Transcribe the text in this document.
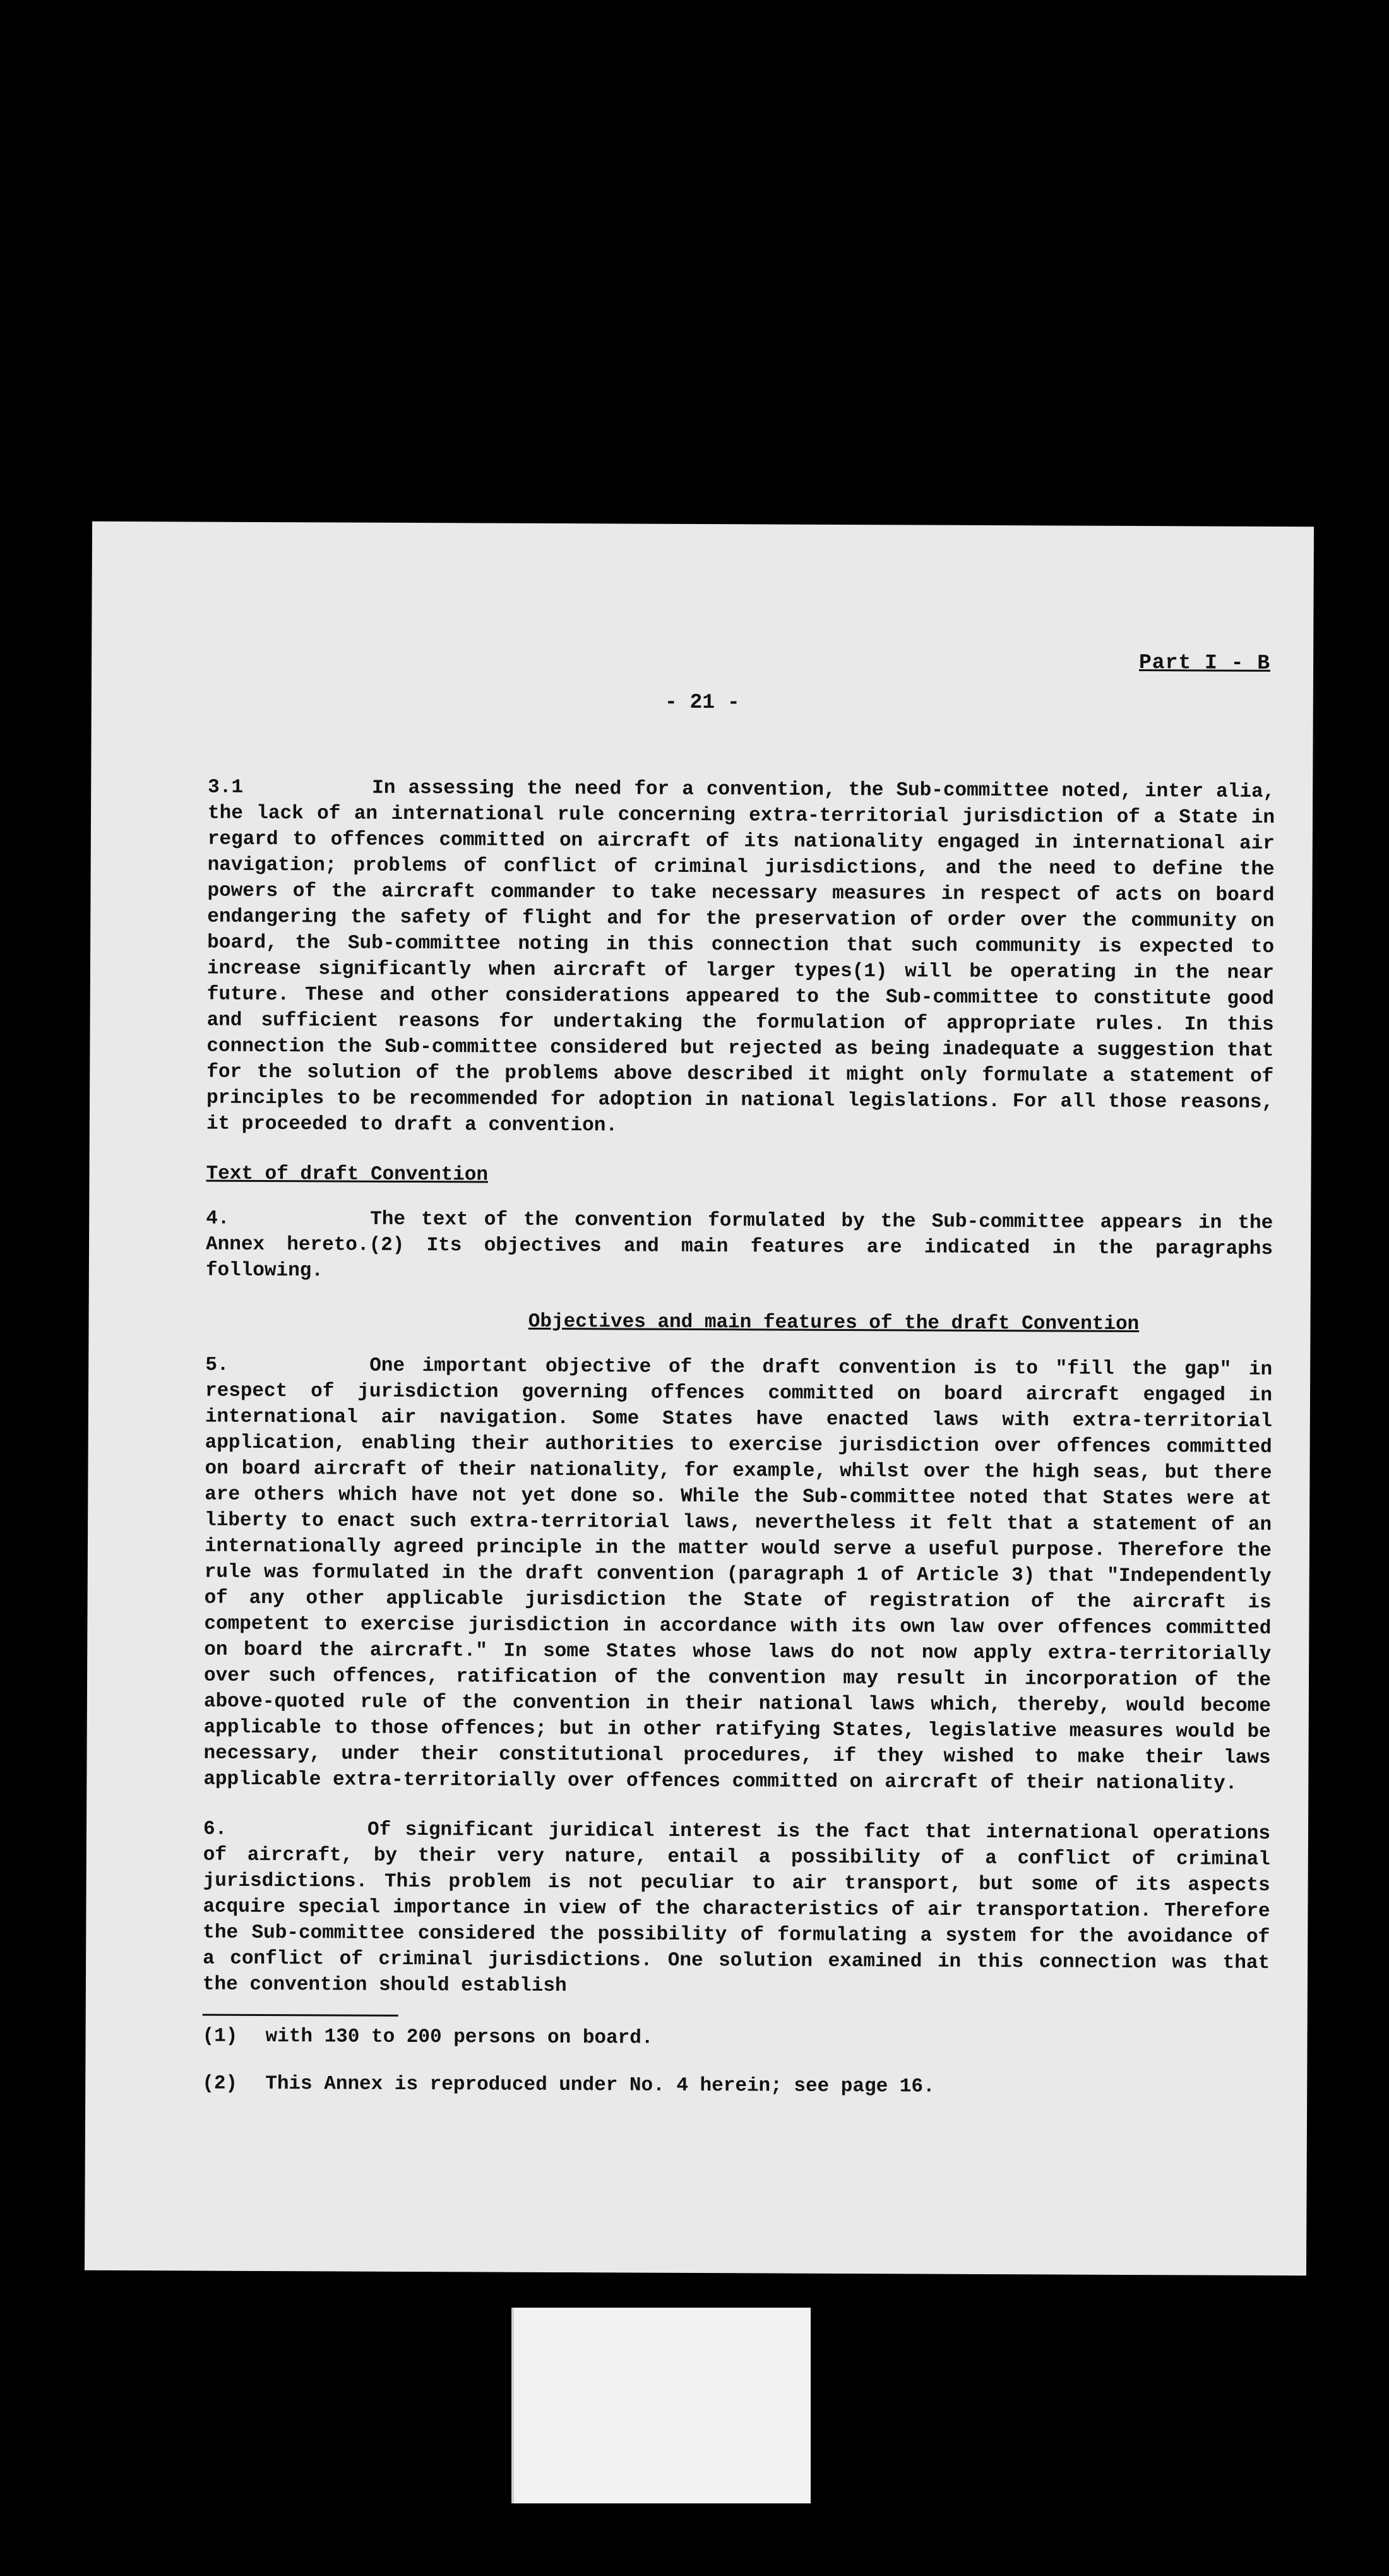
Part I - B
- 21 -

3.1	In assessing the need for a convention, the Sub-committee noted, inter alia, the lack of an international rule concerning extra-territorial jurisdiction of a State in regard to offences committed on aircraft of its nationality engaged in international air navigation; problems of conflict of criminal jurisdictions, and the need to define the powers of the aircraft commander to take necessary measures in respect of acts on board endangering the safety of flight and for the preservation of order over the community on board, the Sub-committee noting in this connection that such community is expected to increase significantly when aircraft of larger types(1) will be operating in the near future. These and other considerations appeared to the Sub-committee to constitute good and sufficient reasons for undertaking the formulation of appropriate rules. In this connection the Sub-committee considered but rejected as being inadequate a suggestion that for the solution of the problems above described it might only formulate a statement of principles to be recommended for adoption in national legislations. For all those reasons, it proceeded to draft a convention.

Text of draft Convention

4.	The text of the convention formulated by the Sub-committee appears in the Annex hereto.(2) Its objectives and main features are indicated in the paragraphs following.

Objectives and main features of the draft Convention

5.	One important objective of the draft convention is to "fill the gap" in respect of jurisdiction governing offences committed on board aircraft engaged in international air navigation. Some States have enacted laws with extra-territorial application, enabling their authorities to exercise jurisdiction over offences committed on board aircraft of their nationality, for example, whilst over the high seas, but there are others which have not yet done so. While the Sub-committee noted that States were at liberty to enact such extra-territorial laws, nevertheless it felt that a statement of an internationally agreed principle in the matter would serve a useful purpose. Therefore the rule was formulated in the draft convention (paragraph 1 of Article 3) that "Independently of any other applicable jurisdiction the State of registration of the aircraft is competent to exercise jurisdiction in accordance with its own law over offences committed on board the aircraft." In some States whose laws do not now apply extra-territorially over such offences, ratification of the convention may result in incorporation of the above-quoted rule of the convention in their national laws which, thereby, would become applicable to those offences; but in other ratifying States, legislative measures would be necessary, under their constitutional procedures, if they wished to make their laws applicable extra-territorially over offences committed on aircraft of their nationality.

6.	Of significant juridical interest is the fact that international operations of aircraft, by their very nature, entail a possibility of a conflict of criminal jurisdictions. This problem is not peculiar to air transport, but some of its aspects acquire special importance in view of the characteristics of air transportation. Therefore the Sub-committee considered the possibility of formulating a system for the avoidance of a conflict of criminal jurisdictions. One solution examined in this connection was that the convention should establish

(1) with 130 to 200 persons on board.

(2) This Annex is reproduced under No. 4 herein; see page 16.
